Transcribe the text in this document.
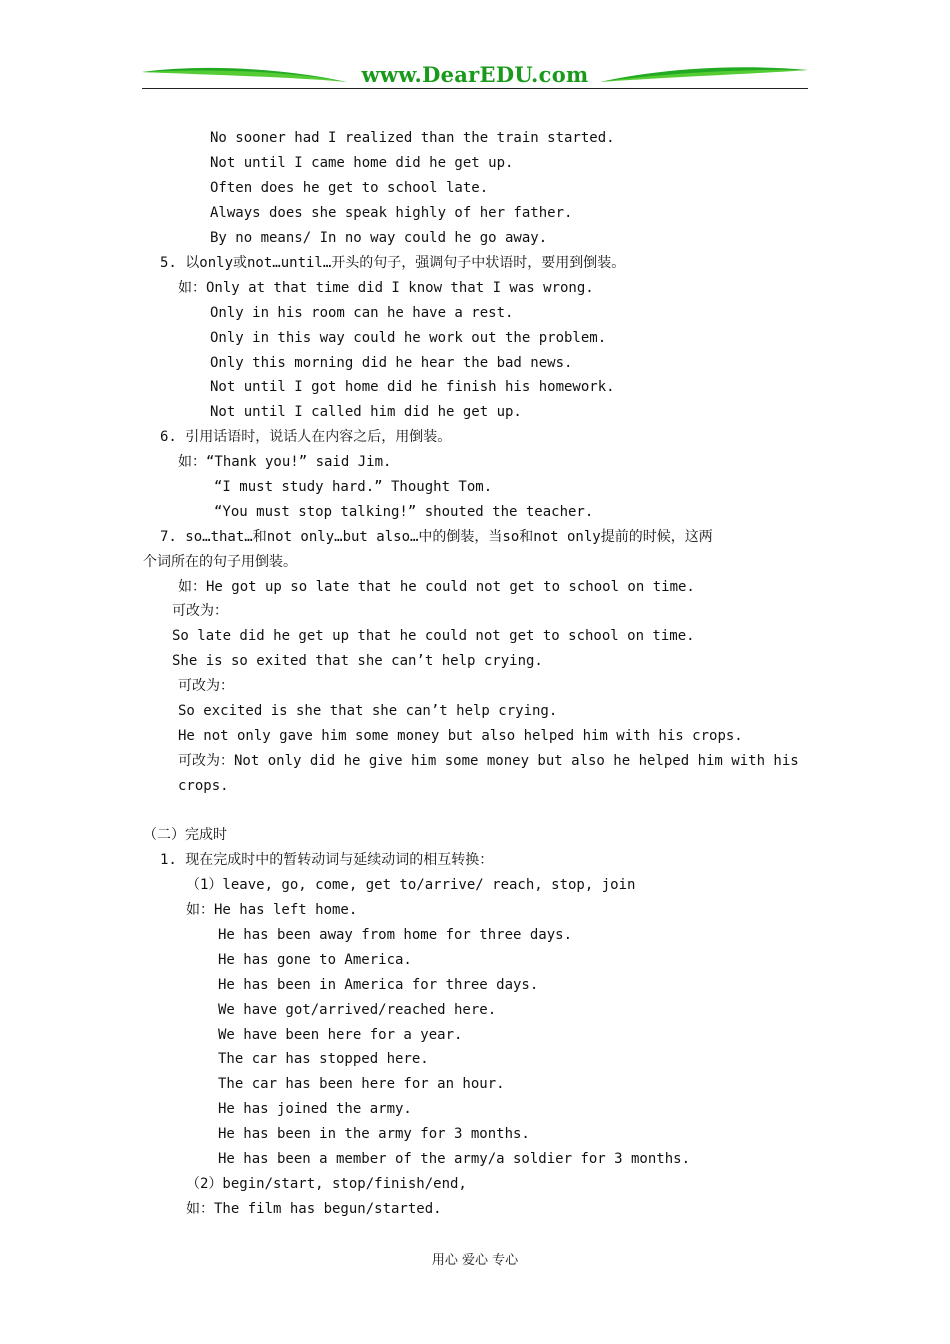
www.DearEDU.com
No sooner had I realized than the train started.
Not until I came home did he get up.
Often does he get to school late.
Always does she speak highly of her father.
By no means/ In no way could he go away.
5. 以only或not…until…开头的句子，强调句子中状语时，要用到倒装。
如：Only at that time did I know that I was wrong.
Only in his room can he have a rest.
Only in this way could he work out the problem.
Only this morning did he hear the bad news.
Not until I got home did he finish his homework.
Not until I called him did he get up.
6. 引用话语时，说话人在内容之后，用倒装。
如：“Thank you!” said Jim.
“I must study hard.” Thought Tom.
“You must stop talking!” shouted the teacher.
7. so…that…和not only…but also…中的倒装，当so和not only提前的时候，这两
个词所在的句子用倒装。
如：He got up so late that he could not get to school on time.
可改为：
So late did he get up that he could not get to school on time.
She is so exited that she can’t help crying.
可改为：
So excited is she that she can’t help crying.
He not only gave him some money but also helped him with his crops.
可改为：Not only did he give him some money but also he helped him with his
crops.
（二）完成时
1. 现在完成时中的暂转动词与延续动词的相互转换：
（1）leave, go, come, get to/arrive/ reach, stop, join
如：He has left home.
He has been away from home for three days.
He has gone to America.
He has been in America for three days.
We have got/arrived/reached here.
We have been here for a year.
The car has stopped here.
The car has been here for an hour.
He has joined the army.
He has been in the army for 3 months.
He has been a member of the army/a soldier for 3 months.
（2）begin/start, stop/finish/end,
如：The film has begun/started.
用心 爱心 专心
